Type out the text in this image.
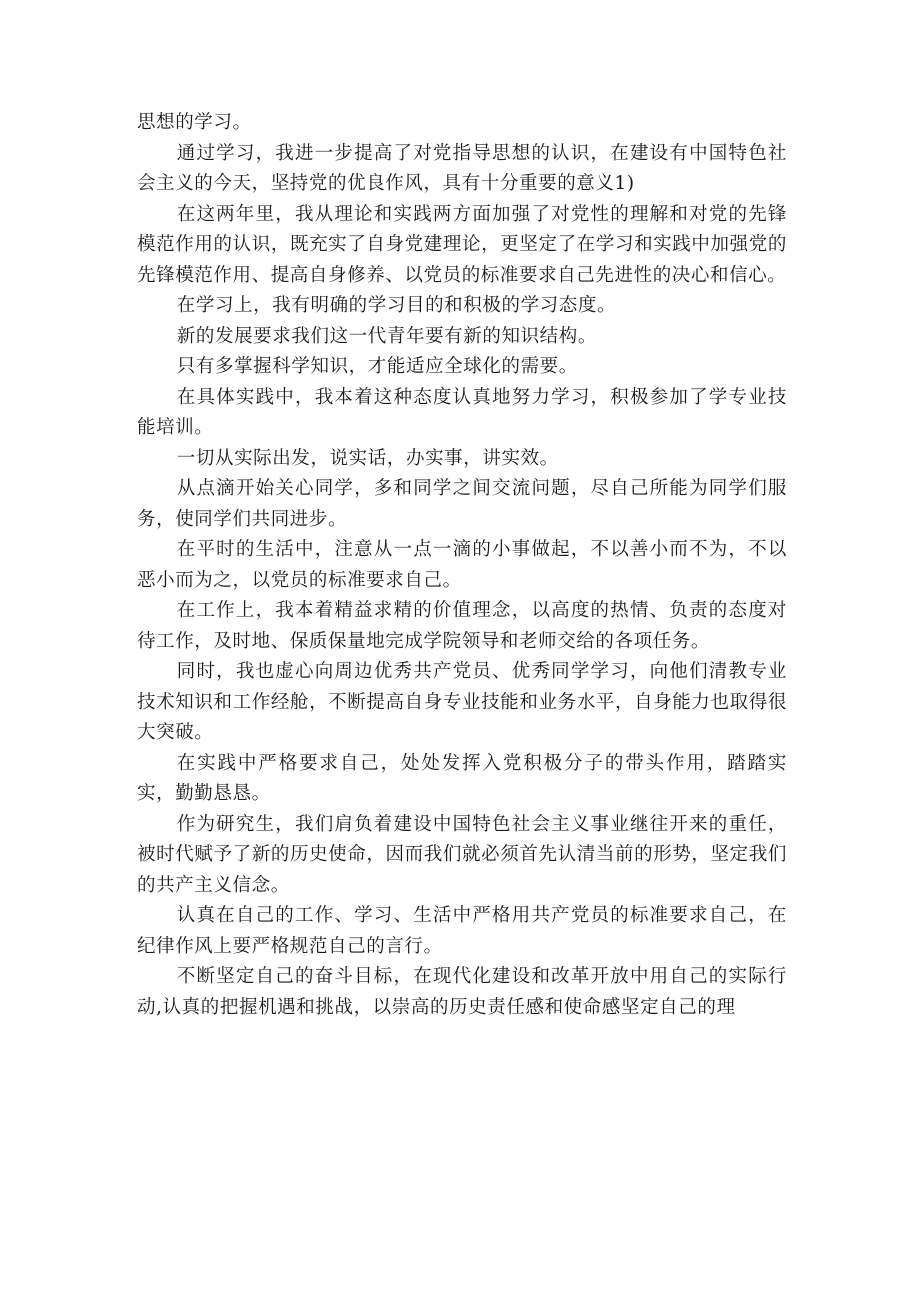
思想的学习。

通过学习，我进一步提高了对党指导思想的认识，在建设有中国特色社会主义的今天，坚持党的优良作风，具有十分重要的意义1)

在这两年里，我从理论和实践两方面加强了对党性的理解和对党的先锋模范作用的认识，既充实了自身党建理论，更坚定了在学习和实践中加强党的先锋模范作用、提高自身修养、以党员的标准要求自己先进性的决心和信心。

在学习上，我有明确的学习目的和积极的学习态度。

新的发展要求我们这一代青年要有新的知识结构。

只有多掌握科学知识，才能适应全球化的需要。

在具体实践中，我本着这种态度认真地努力学习，积极参加了学专业技能培训。

一切从实际出发，说实话，办实事，讲实效。

从点滴开始关心同学，多和同学之间交流问题，尽自己所能为同学们服务，使同学们共同进步。

在平时的生活中，注意从一点一滴的小事做起，不以善小而不为，不以恶小而为之，以党员的标准要求自己。

在工作上，我本着精益求精的价值理念，以高度的热情、负责的态度对待工作，及时地、保质保量地完成学院领导和老师交给的各项任务。

同时，我也虚心向周边优秀共产党员、优秀同学学习，向他们清教专业技术知识和工作经舱，不断提高自身专业技能和业务水平，自身能力也取得很大突破。

在实践中严格要求自己，处处发挥入党积极分子的带头作用，踏踏实实，勤勤恳恳。

作为研究生，我们肩负着建设中国特色社会主义事业继往开来的重任，被时代赋予了新的历史使命，因而我们就必须首先认清当前的形势，坚定我们的共产主义信念。

认真在自己的工作、学习、生活中严格用共产党员的标准要求自己，在纪律作风上要严格规范自己的言行。

不断坚定自己的奋斗目标，在现代化建设和改革开放中用自己的实际行动,认真的把握机遇和挑战，以崇高的历史责任感和使命感坚定自己的理
